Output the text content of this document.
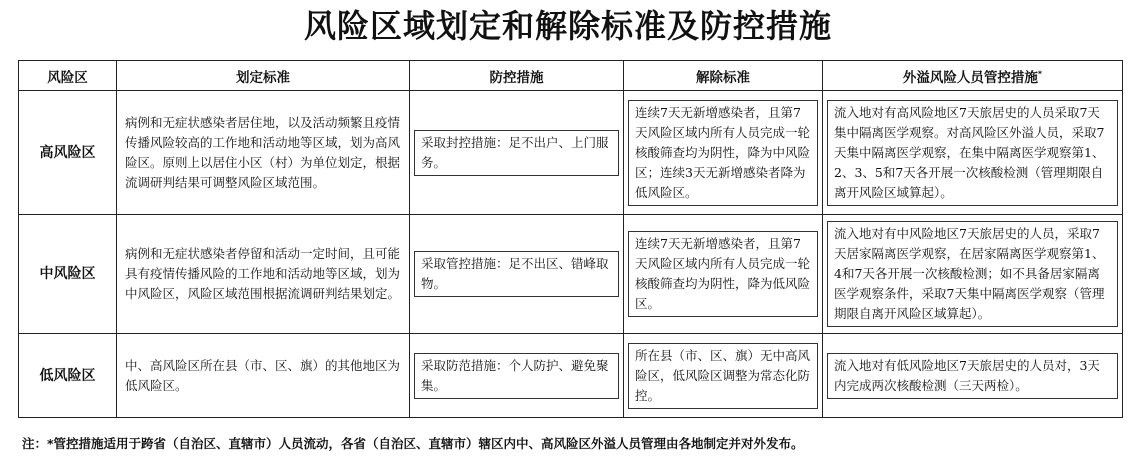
风险区域划定和解除标准及防控措施
风险区	划定标准	防控措施	解除标准	外溢风险人员管控措施*
高风险区	病例和无症状感染者居住地，以及活动频繁且疫情传播风险较高的工作地和活动地等区域，划为高风险区。原则上以居住小区（村）为单位划定，根据流调研判结果可调整风险区域范围。	采取封控措施：足不出户、上门服务。	连续7天无新增感染者，且第7天风险区域内所有人员完成一轮核酸筛查均为阴性，降为中风险区；连续3天无新增感染者降为低风险区。	流入地对有高风险地区7天旅居史的人员采取7天集中隔离医学观察。对高风险区外溢人员，采取7天集中隔离医学观察，在集中隔离医学观察第1、2、3、5和7天各开展一次核酸检测（管理期限自离开风险区域算起）。

中风险区	病例和无症状感染者停留和活动一定时间，且可能具有疫情传播风险的工作地和活动地等区域，划为中风险区，风险区域范围根据流调研判结果划定。	采取管控措施：足不出区、错峰取物。	连续7天无新增感染者，且第7天风险区域内所有人员完成一轮核酸筛查均为阴性，降为低风险区。	流入地对有中风险地区7天旅居史的人员，采取7天居家隔离医学观察，在居家隔离医学观察第1、4和7天各开展一次核酸检测；如不具备居家隔离医学观察条件，采取7天集中隔离医学观察（管理期限自离开风险区域算起）。

低风险区	中、高风险区所在县（市、区、旗）的其他地区为低风险区。	采取防范措施：个人防护、避免聚集。	所在县（市、区、旗）无中高风险区，低风险区调整为常态化防控。	流入地对有低风险地区7天旅居史的人员对，3天内完成两次核酸检测（三天两检）。
注：*管控措施适用于跨省（自治区、直辖市）人员流动，各省（自治区、直辖市）辖区内中、高风险区外溢人员管理由各地制定并对外发布。
